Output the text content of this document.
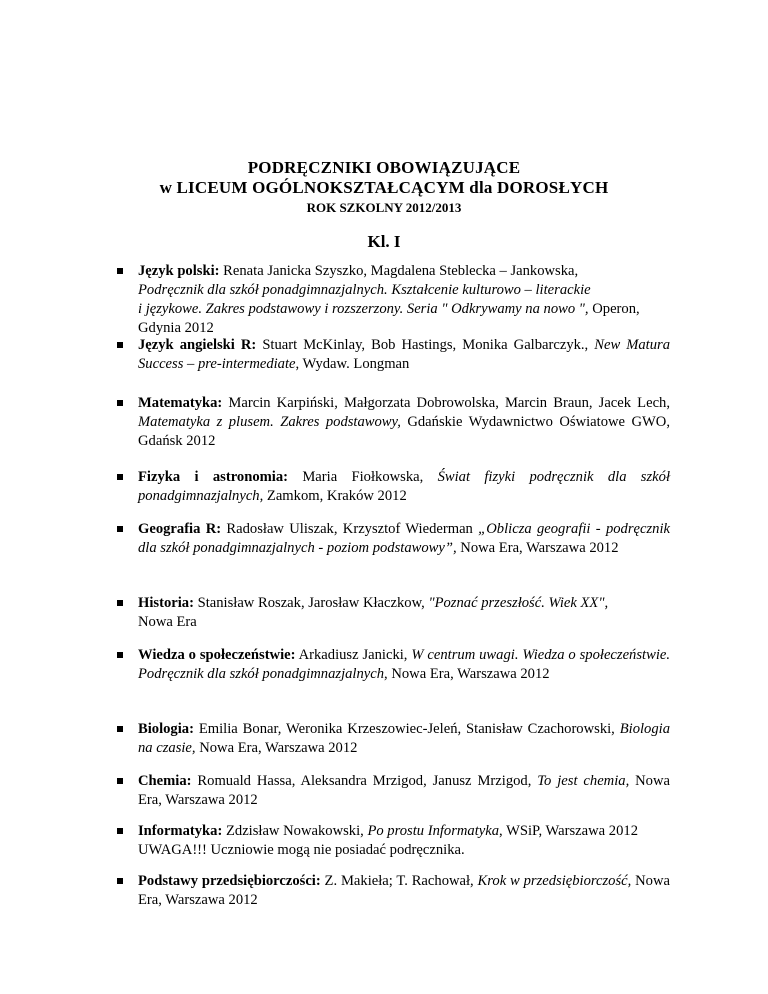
PODRĘCZNIKI OBOWIĄZUJĄCE
w LICEUM OGÓLNOKSZTAŁCĄCYM dla DOROSŁYCH
ROK SZKOLNY 2012/2013
Kl. I
Język polski: Renata Janicka Szyszko, Magdalena Steblecka – Jankowska,
Podręcznik dla szkół ponadgimnazjalnych. Kształcenie kulturowo – literackie
i językowe. Zakres podstawowy i rozszerzony. Seria " Odkrywamy na nowo ", Operon,
Gdynia 2012
Język angielski R: Stuart McKinlay, Bob Hastings, Monika Galbarczyk., New Matura Success – pre-intermediate, Wydaw. Longman
Matematyka: Marcin Karpiński, Małgorzata Dobrowolska, Marcin Braun, Jacek Lech, Matematyka z plusem. Zakres podstawowy, Gdańskie Wydawnictwo Oświatowe GWO, Gdańsk 2012
Fizyka i astronomia: Maria Fiołkowska, Świat fizyki podręcznik dla szkół ponadgimnazjalnych, Zamkom, Kraków 2012
Geografia R: Radosław Uliszak, Krzysztof Wiederman „Oblicza geografii - podręcznik dla szkół ponadgimnazjalnych - poziom podstawowy”, Nowa Era, Warszawa 2012
Historia: Stanisław Roszak, Jarosław Kłaczkow, "Poznać przeszłość. Wiek XX",
Nowa Era
Wiedza o społeczeństwie: Arkadiusz Janicki, W centrum uwagi. Wiedza o społeczeństwie. Podręcznik dla szkół ponadgimnazjalnych, Nowa Era, Warszawa 2012
Biologia: Emilia Bonar, Weronika Krzeszowiec-Jeleń, Stanisław Czachorowski, Biologia na czasie, Nowa Era, Warszawa 2012
Chemia: Romuald Hassa, Aleksandra Mrzigod, Janusz Mrzigod, To jest chemia, Nowa Era, Warszawa 2012
Informatyka: Zdzisław Nowakowski, Po prostu Informatyka, WSiP, Warszawa 2012
UWAGA!!! Uczniowie mogą nie posiadać podręcznika.
Podstawy przedsiębiorczości: Z. Makieła; T. Rachował, Krok w przedsiębiorczość, Nowa Era, Warszawa 2012
